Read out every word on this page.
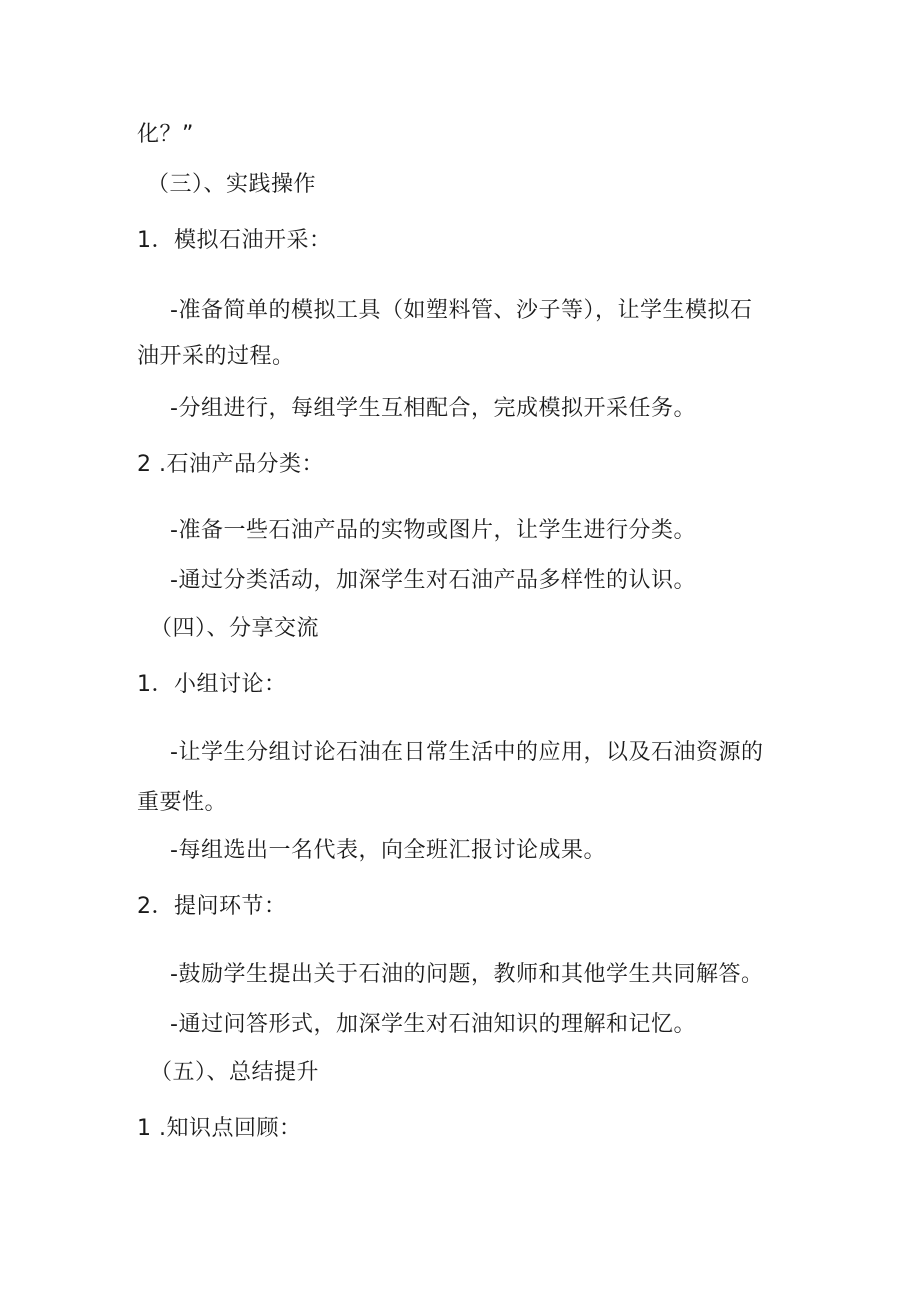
化？”
（三）、实践操作
1．模拟石油开采：
-准备简单的模拟工具（如塑料管、沙子等），让学生模拟石
油开采的过程。
-分组进行，每组学生互相配合，完成模拟开采任务。
2 .石油产品分类：
-准备一些石油产品的实物或图片，让学生进行分类。
-通过分类活动，加深学生对石油产品多样性的认识。
（四）、分享交流
1．小组讨论：
-让学生分组讨论石油在日常生活中的应用，以及石油资源的
重要性。
-每组选出一名代表，向全班汇报讨论成果。
2．提问环节：
-鼓励学生提出关于石油的问题，教师和其他学生共同解答。
-通过问答形式，加深学生对石油知识的理解和记忆。
（五）、总结提升
1 .知识点回顾：
